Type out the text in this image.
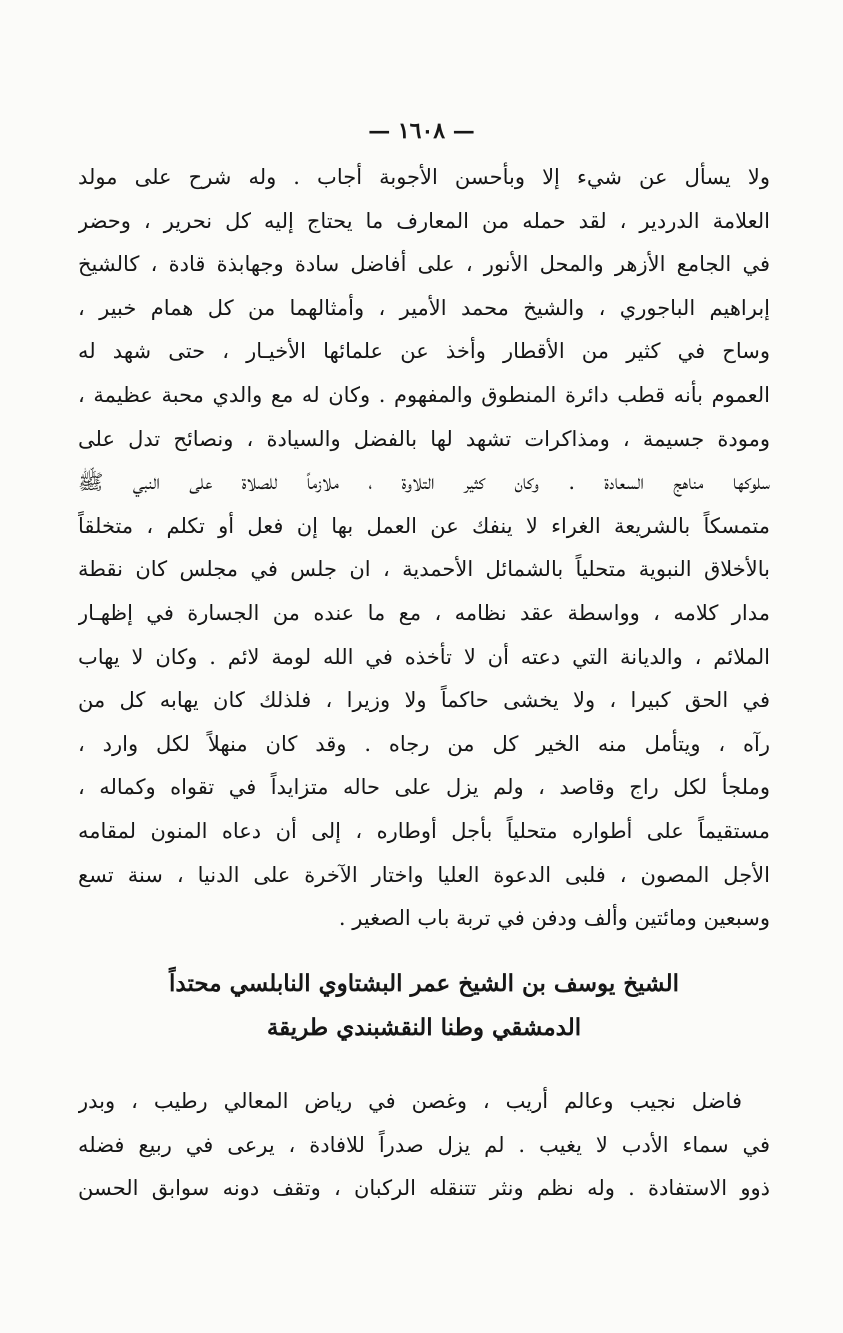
— ١٦٠٨ —
ولا يسأل عن شيء إلا وبأحسن الأجوبة أجاب . وله شرح على مولد
العلامة الدردير ، لقد حمله من المعارف ما يحتاج إليه كل نحرير ، وحضر
في الجامع الأزهر والمحل الأنور ، على أفاضل سادة وجهابذة قادة ، كالشيخ
إبراهيم الباجوري ، والشيخ محمد الأمير ، وأمثالهما من كل همام خبير ،
وساح في كثير من الأقطار وأخذ عن علمائها الأخيـار ، حتى شهد له
العموم بأنه قطب دائرة المنطوق والمفهوم . وكان له مع والدي محبة عظيمة ،
ومودة جسيمة ، ومذاكرات تشهد لها بالفضل والسيادة ، ونصائح تدل على
سلوكها مناهج السعادة . وكان كثير التلاوة ، ملازماً للصلاة على النبي ﷺ
متمسكاً بالشريعة الغراء لا ينفك عن العمل بها إن فعل أو تكلم ، متخلقاً
بالأخلاق النبوية متحلياً بالشمائل الأحمدية ، ان جلس في مجلس كان نقطة
مدار كلامه ، وواسطة عقد نظامه ، مع ما عنده من الجسارة في إظهـار
الملائم ، والديانة التي دعته أن لا تأخذه في الله لومة لائم . وكان لا يهاب
في الحق كبيرا ، ولا يخشى حاكماً ولا وزيرا ، فلذلك كان يهابه كل من
رآه ، ويتأمل منه الخير كل من رجاه . وقد كان منهلاً لكل وارد ،
وملجأ لكل راج وقاصد ، ولم يزل على حاله متزايداً في تقواه وكماله ،
مستقيماً على أطواره متحلياً بأجل أوطاره ، إلى أن دعاه المنون لمقامه
الأجل المصون ، فلبى الدعوة العليا واختار الآخرة على الدنيا ، سنة تسع
وسبعين ومائتين وألف ودفن في تربة باب الصغير .
الشيخ يوسف بن الشيخ عمر البشتاوي النابلسي محتداً
الدمشقي وطنا النقشبندي طريقة
فاضل نجيب وعالم أريب ، وغصن في رياض المعالي رطيب ، وبدر
في سماء الأدب لا يغيب . لم يزل صدراً للافادة ، يرعى في ربيع فضله
ذوو الاستفادة . وله نظم ونثر تتنقله الركبان ، وتقف دونه سوابق الحسن
